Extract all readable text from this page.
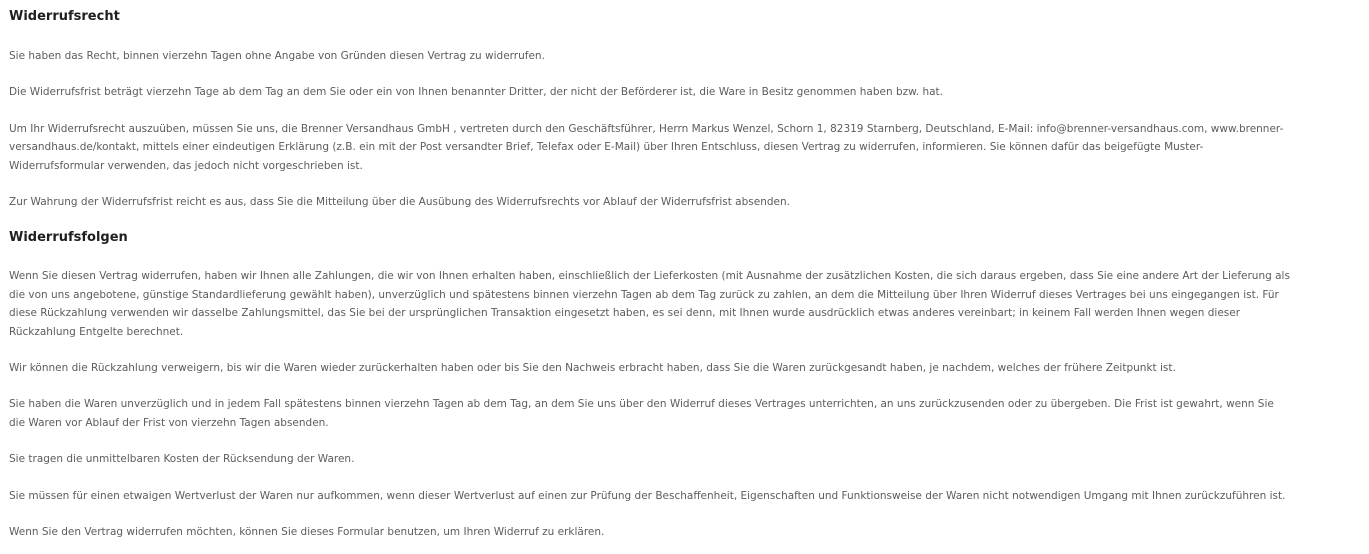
Widerrufsrecht

Sie haben das Recht, binnen vierzehn Tagen ohne Angabe von Gründen diesen Vertrag zu widerrufen.

Die Widerrufsfrist beträgt vierzehn Tage ab dem Tag an dem Sie oder ein von Ihnen benannter Dritter, der nicht der Beförderer ist, die Ware in Besitz genommen haben bzw. hat.

Um Ihr Widerrufsrecht auszuüben, müssen Sie uns, die Brenner Versandhaus GmbH , vertreten durch den Geschäftsführer, Herrn Markus Wenzel, Schorn 1, 82319 Starnberg, Deutschland, E-Mail: info@brenner-versandhaus.com, www.brenner-
versandhaus.de/kontakt, mittels einer eindeutigen Erklärung (z.B. ein mit der Post versandter Brief, Telefax oder E-Mail) über Ihren Entschluss, diesen Vertrag zu widerrufen, informieren. Sie können dafür das beigefügte Muster-
Widerrufsformular verwenden, das jedoch nicht vorgeschrieben ist.

Zur Wahrung der Widerrufsfrist reicht es aus, dass Sie die Mitteilung über die Ausübung des Widerrufsrechts vor Ablauf der Widerrufsfrist absenden.

Widerrufsfolgen

Wenn Sie diesen Vertrag widerrufen, haben wir Ihnen alle Zahlungen, die wir von Ihnen erhalten haben, einschließlich der Lieferkosten (mit Ausnahme der zusätzlichen Kosten, die sich daraus ergeben, dass Sie eine andere Art der Lieferung als
die von uns angebotene, günstige Standardlieferung gewählt haben), unverzüglich und spätestens binnen vierzehn Tagen ab dem Tag zurück zu zahlen, an dem die Mitteilung über Ihren Widerruf dieses Vertrages bei uns eingegangen ist. Für
diese Rückzahlung verwenden wir dasselbe Zahlungsmittel, das Sie bei der ursprünglichen Transaktion eingesetzt haben, es sei denn, mit Ihnen wurde ausdrücklich etwas anderes vereinbart; in keinem Fall werden Ihnen wegen dieser
Rückzahlung Entgelte berechnet.

Wir können die Rückzahlung verweigern, bis wir die Waren wieder zurückerhalten haben oder bis Sie den Nachweis erbracht haben, dass Sie die Waren zurückgesandt haben, je nachdem, welches der frühere Zeitpunkt ist.

Sie haben die Waren unverzüglich und in jedem Fall spätestens binnen vierzehn Tagen ab dem Tag, an dem Sie uns über den Widerruf dieses Vertrages unterrichten, an uns zurückzusenden oder zu übergeben. Die Frist ist gewahrt, wenn Sie
die Waren vor Ablauf der Frist von vierzehn Tagen absenden.

Sie tragen die unmittelbaren Kosten der Rücksendung der Waren.

Sie müssen für einen etwaigen Wertverlust der Waren nur aufkommen, wenn dieser Wertverlust auf einen zur Prüfung der Beschaffenheit, Eigenschaften und Funktionsweise der Waren nicht notwendigen Umgang mit Ihnen zurückzuführen ist.

Wenn Sie den Vertrag widerrufen möchten, können Sie dieses Formular benutzen, um Ihren Widerruf zu erklären.
